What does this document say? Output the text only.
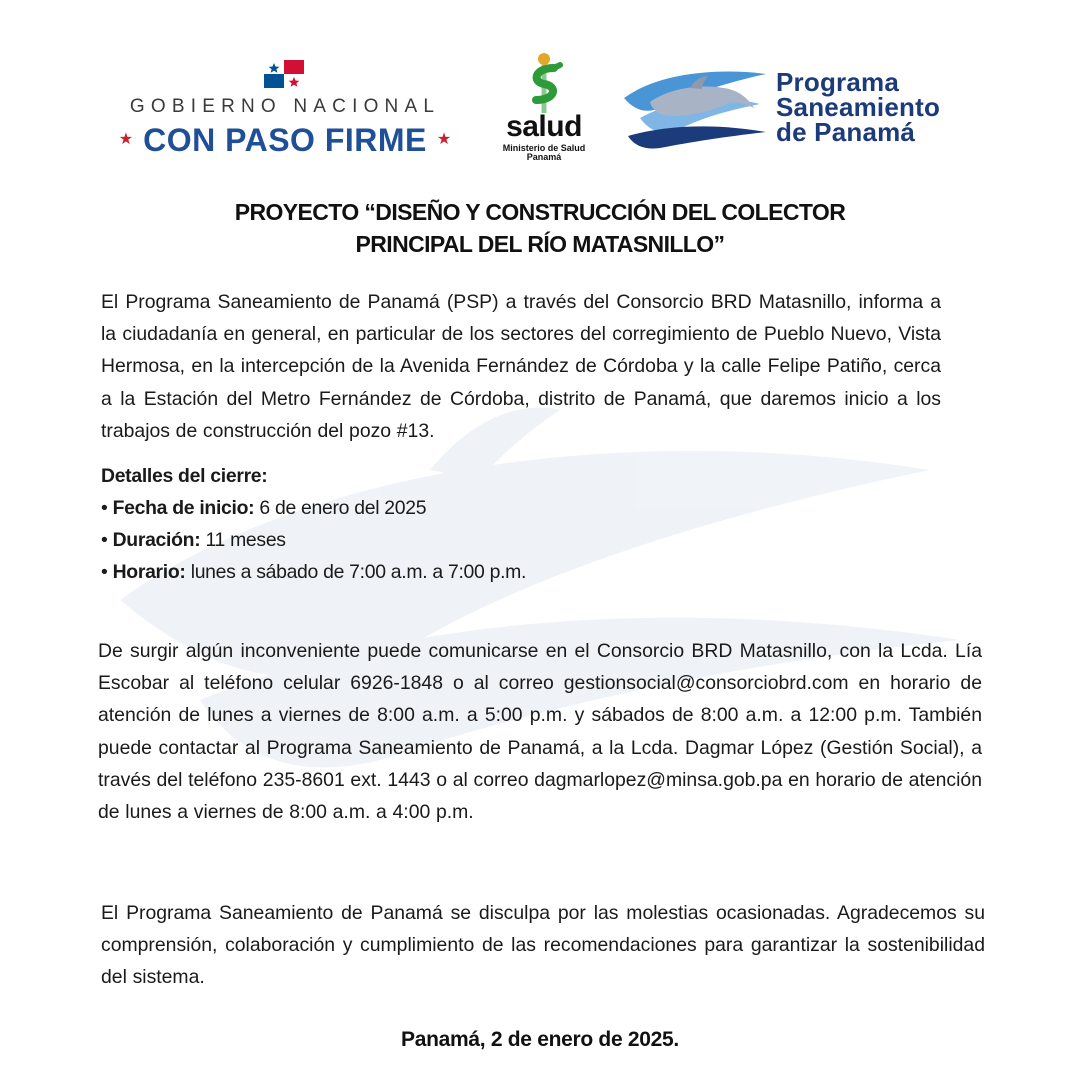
GOBIERNO NACIONAL
★ CON PASO FIRME ★	salud
Ministerio de Salud
Panamá
Programa
Saneamiento
de Panamá
PROYECTO “DISEÑO Y CONSTRUCCIÓN DEL COLECTOR
PRINCIPAL DEL RÍO MATASNILLO”
El Programa Saneamiento de Panamá (PSP) a través del Consorcio BRD Matasnillo, informa a la ciudadanía en general, en particular de los sectores del corregimiento de Pueblo Nuevo, Vista Hermosa, en la intercepción de la Avenida Fernández de Córdoba y la calle Felipe Patiño, cerca a la Estación del Metro Fernández de Córdoba, distrito de Panamá, que daremos inicio a los trabajos de construcción del pozo #13.
Detalles del cierre:
• Fecha de inicio: 6 de enero del 2025
• Duración: 11 meses
• Horario: lunes a sábado de 7:00 a.m. a 7:00 p.m.
De surgir algún inconveniente puede comunicarse en el Consorcio BRD Matasnillo, con la Lcda. Lía Escobar al teléfono celular 6926-1848 o al correo gestionsocial@consorciobrd.com en horario de atención de lunes a viernes de 8:00 a.m. a 5:00 p.m. y sábados de 8:00 a.m. a 12:00 p.m. También puede contactar al Programa Saneamiento de Panamá, a la Lcda. Dagmar López (Gestión Social), a través del teléfono 235-8601 ext. 1443 o al correo dagmarlopez@minsa.gob.pa en horario de atención de lunes a viernes de 8:00 a.m. a 4:00 p.m.
El Programa Saneamiento de Panamá se disculpa por las molestias ocasionadas. Agradecemos su comprensión, colaboración y cumplimiento de las recomendaciones para garantizar la sostenibilidad del sistema.
Panamá, 2 de enero de 2025.
